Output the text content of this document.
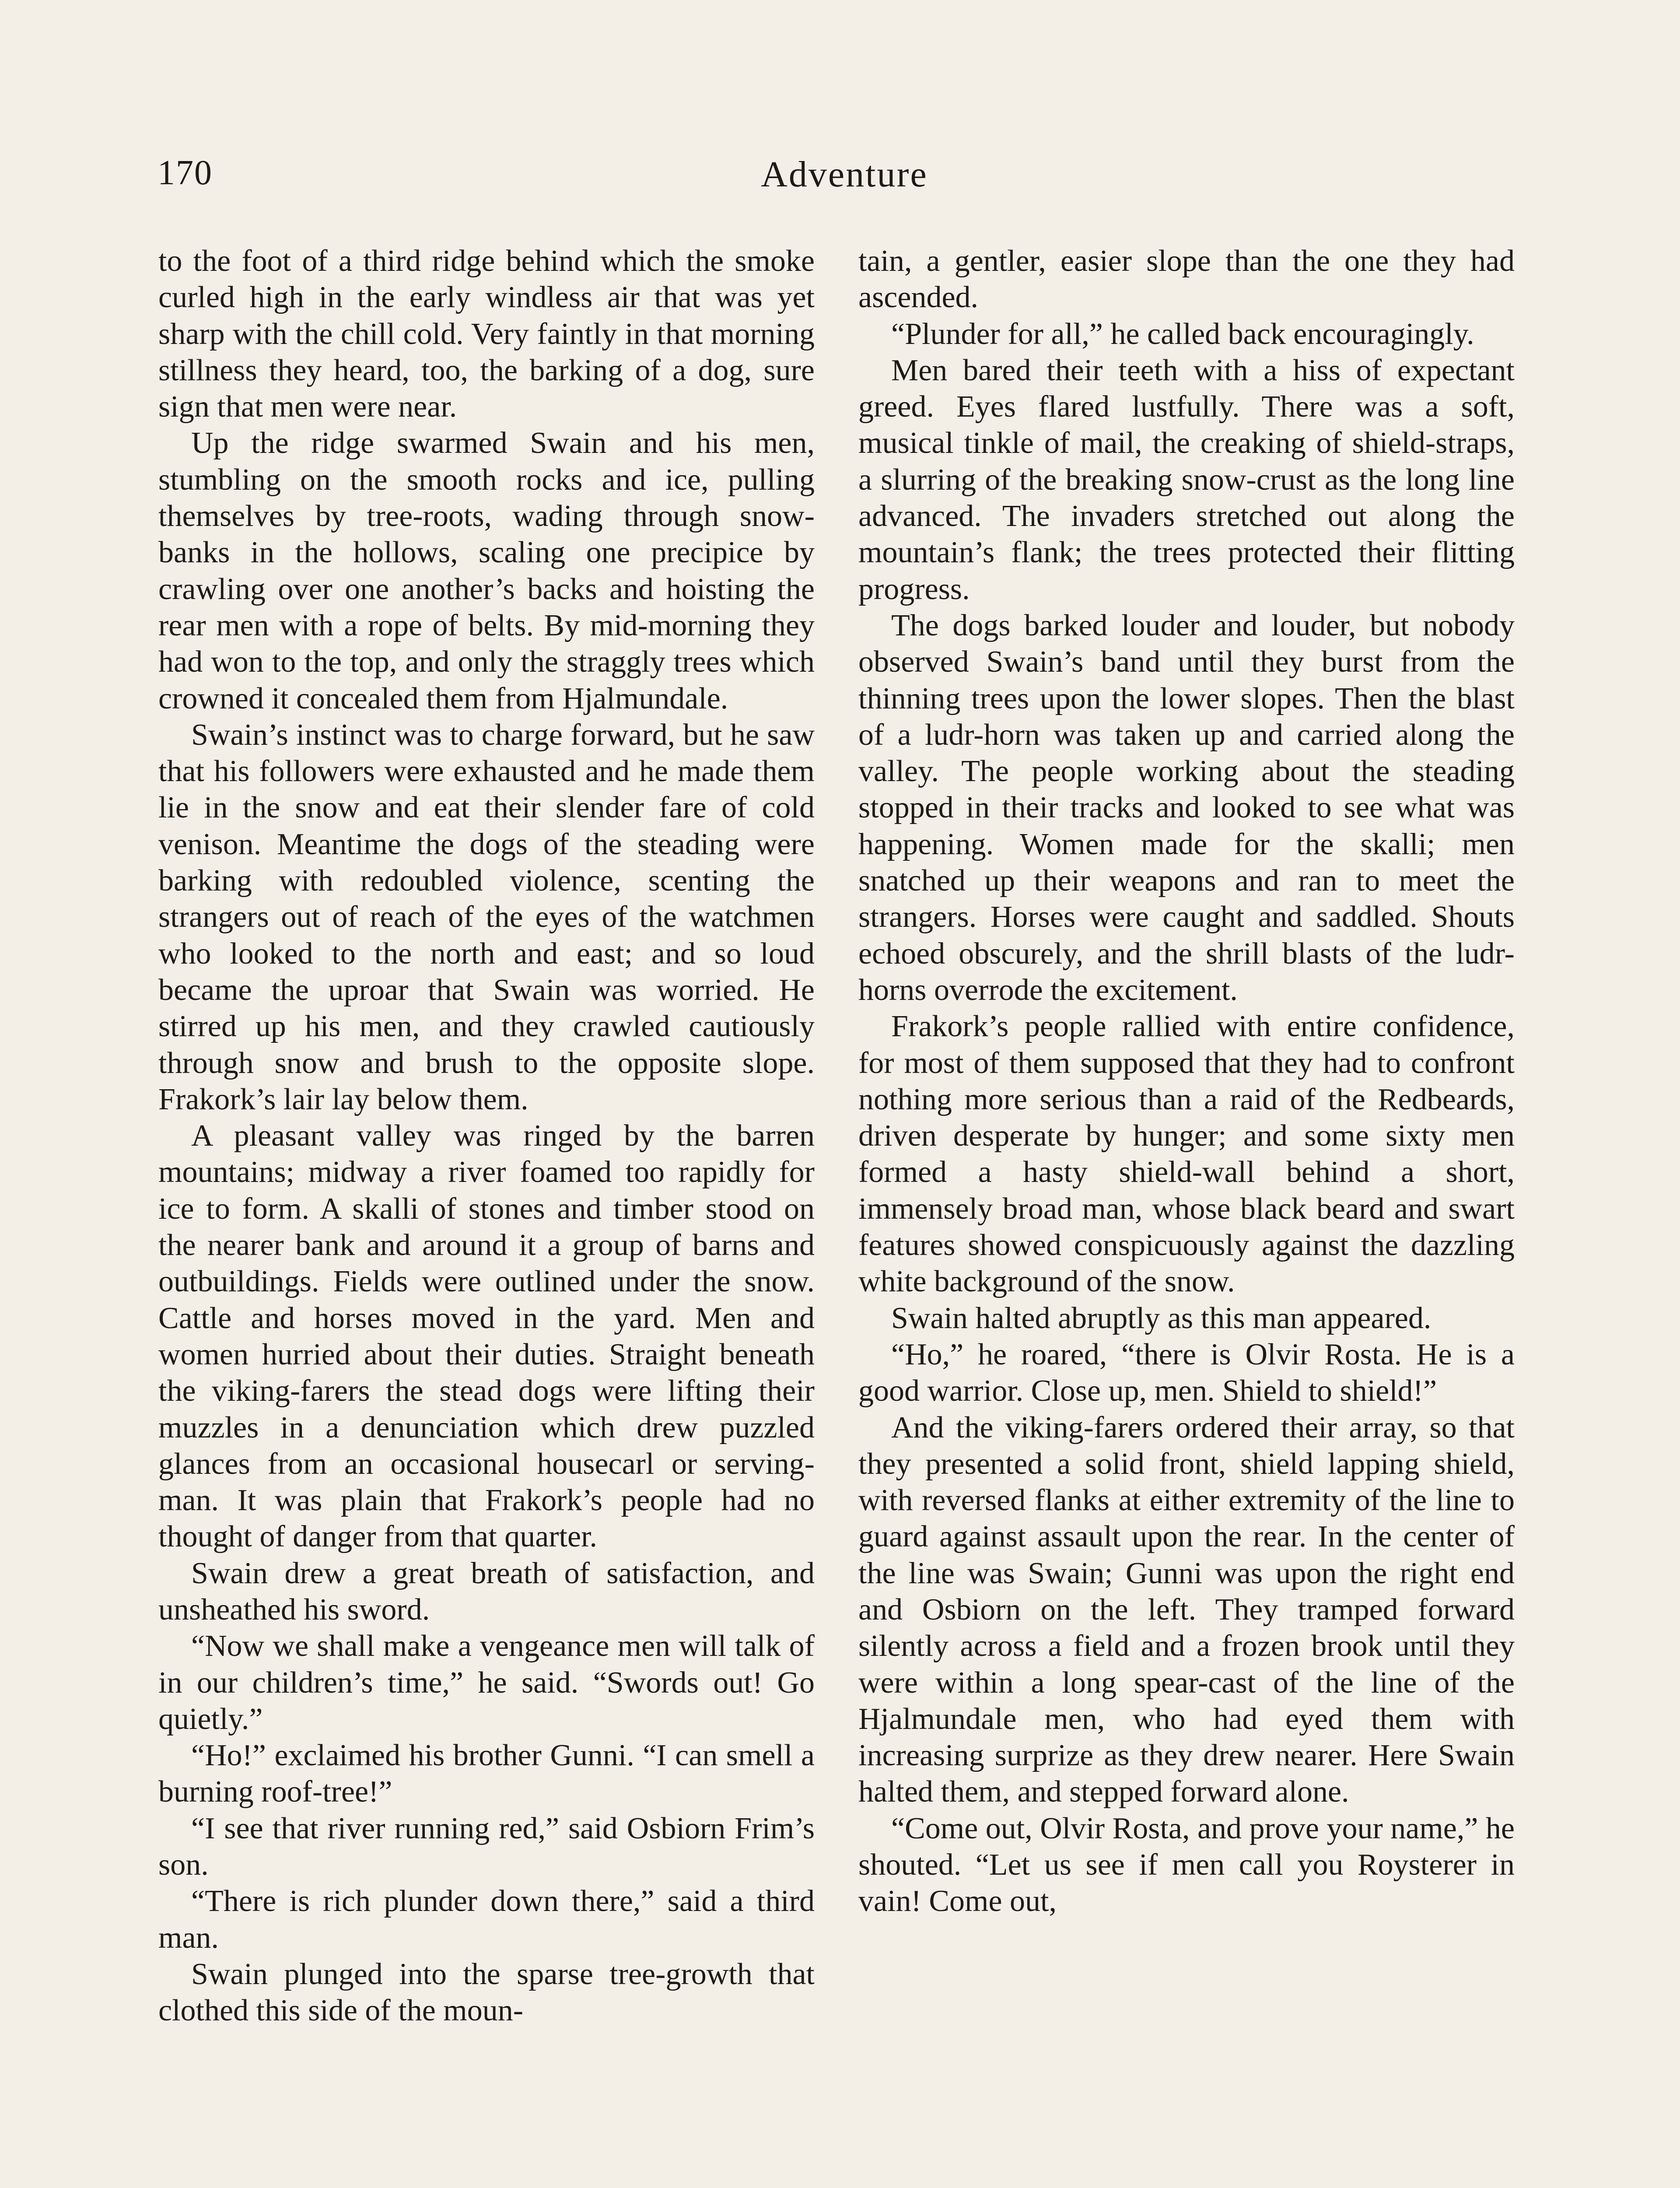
170	Adventure

to the foot of a third ridge behind which the smoke curled high in the early windless air that was yet sharp with the chill cold. Very faintly in that morning stillness they heard, too, the barking of a dog, sure sign that men were near.

Up the ridge swarmed Swain and his men, stumbling on the smooth rocks and ice, pulling themselves by tree-roots, wading through snow-banks in the hollows, scaling one precipice by crawling over one another’s backs and hoisting the rear men with a rope of belts. By mid-morning they had won to the top, and only the straggly trees which crowned it concealed them from Hjalmundale.

Swain’s instinct was to charge forward, but he saw that his followers were exhausted and he made them lie in the snow and eat their slender fare of cold venison. Meantime the dogs of the steading were barking with redoubled violence, scenting the strangers out of reach of the eyes of the watchmen who looked to the north and east; and so loud became the uproar that Swain was worried. He stirred up his men, and they crawled cautiously through snow and brush to the opposite slope. Frakork’s lair lay below them.

A pleasant valley was ringed by the barren mountains; midway a river foamed too rapidly for ice to form. A skalli of stones and timber stood on the nearer bank and around it a group of barns and outbuildings. Fields were outlined under the snow. Cattle and horses moved in the yard. Men and women hurried about their duties. Straight beneath the viking-farers the stead dogs were lifting their muzzles in a denunciation which drew puzzled glances from an occasional housecarl or serving-man. It was plain that Frakork’s people had no thought of danger from that quarter.

Swain drew a great breath of satisfaction, and unsheathed his sword.

“Now we shall make a vengeance men will talk of in our children’s time,” he said. “Swords out! Go quietly.”

“Ho!” exclaimed his brother Gunni. “I can smell a burning roof-tree!”

“I see that river running red,” said Osbiorn Frim’s son.

“There is rich plunder down there,” said a third man.

Swain plunged into the sparse tree-growth that clothed this side of the moun-

tain, a gentler, easier slope than the one they had ascended.

“Plunder for all,” he called back encouragingly.

Men bared their teeth with a hiss of expectant greed. Eyes flared lustfully. There was a soft, musical tinkle of mail, the creaking of shield-straps, a slurring of the breaking snow-crust as the long line advanced. The invaders stretched out along the mountain’s flank; the trees protected their flitting progress.

The dogs barked louder and louder, but nobody observed Swain’s band until they burst from the thinning trees upon the lower slopes. Then the blast of a ludr-horn was taken up and carried along the valley. The people working about the steading stopped in their tracks and looked to see what was happening. Women made for the skalli; men snatched up their weapons and ran to meet the strangers. Horses were caught and saddled. Shouts echoed obscurely, and the shrill blasts of the ludr-horns overrode the excitement.

Frakork’s people rallied with entire confidence, for most of them supposed that they had to confront nothing more serious than a raid of the Redbeards, driven desperate by hunger; and some sixty men formed a hasty shield-wall behind a short, immensely broad man, whose black beard and swart features showed conspicuously against the dazzling white background of the snow.

Swain halted abruptly as this man appeared.

“Ho,” he roared, “there is Olvir Rosta. He is a good warrior. Close up, men. Shield to shield!”

And the viking-farers ordered their array, so that they presented a solid front, shield lapping shield, with reversed flanks at either extremity of the line to guard against assault upon the rear. In the center of the line was Swain; Gunni was upon the right end and Osbiorn on the left. They tramped forward silently across a field and a frozen brook until they were within a long spear-cast of the line of the Hjalmundale men, who had eyed them with increasing surprize as they drew nearer. Here Swain halted them, and stepped forward alone.

“Come out, Olvir Rosta, and prove your name,” he shouted. “Let us see if men call you Roysterer in vain! Come out,
